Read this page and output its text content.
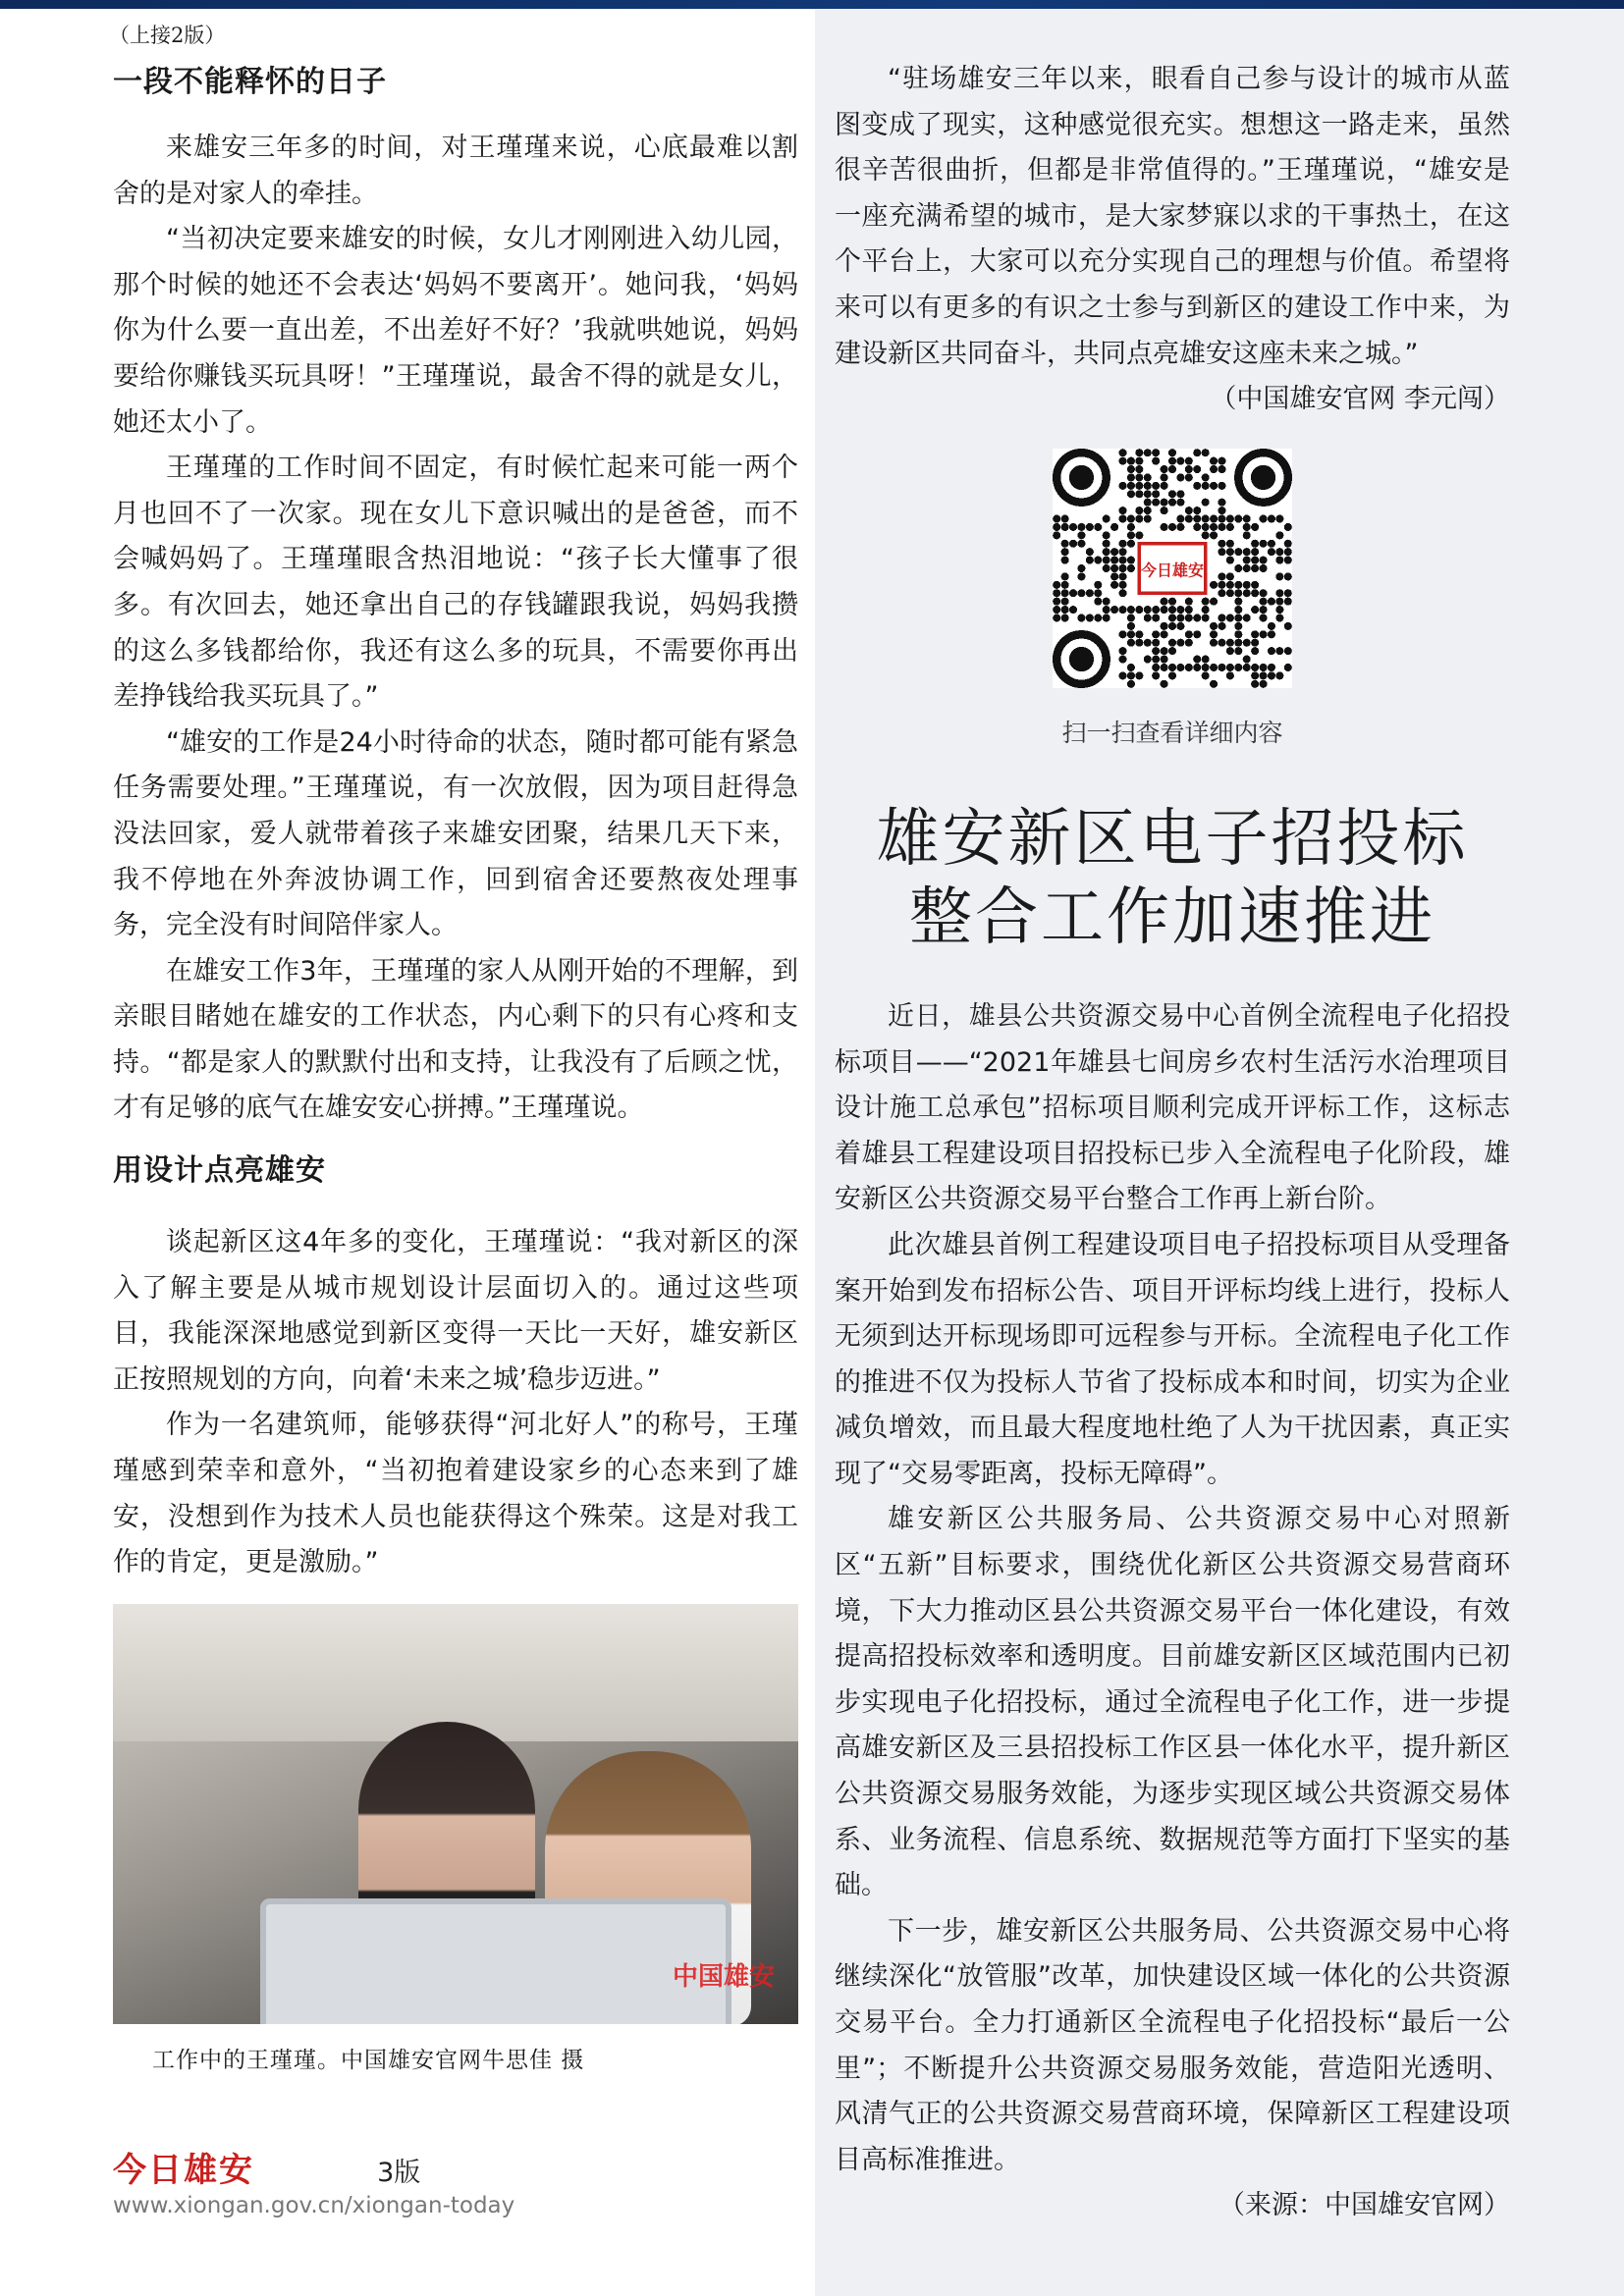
（上接2版）
一段不能释怀的日子

来雄安三年多的时间，对王瑾瑾来说，心底最难以割舍的是对家人的牵挂。

“当初决定要来雄安的时候，女儿才刚刚进入幼儿园，那个时候的她还不会表达‘妈妈不要离开’。她问我，‘妈妈你为什么要一直出差，不出差好不好？’我就哄她说，妈妈要给你赚钱买玩具呀！”王瑾瑾说，最舍不得的就是女儿，她还太小了。

王瑾瑾的工作时间不固定，有时候忙起来可能一两个月也回不了一次家。现在女儿下意识喊出的是爸爸，而不会喊妈妈了。王瑾瑾眼含热泪地说：“孩子长大懂事了很多。有次回去，她还拿出自己的存钱罐跟我说，妈妈我攒的这么多钱都给你，我还有这么多的玩具，不需要你再出差挣钱给我买玩具了。”

“雄安的工作是24小时待命的状态，随时都可能有紧急任务需要处理。”王瑾瑾说，有一次放假，因为项目赶得急没法回家，爱人就带着孩子来雄安团聚，结果几天下来，我不停地在外奔波协调工作，回到宿舍还要熬夜处理事务，完全没有时间陪伴家人。

在雄安工作3年，王瑾瑾的家人从刚开始的不理解，到亲眼目睹她在雄安的工作状态，内心剩下的只有心疼和支持。“都是家人的默默付出和支持，让我没有了后顾之忧，才有足够的底气在雄安安心拼搏。”王瑾瑾说。

用设计点亮雄安

谈起新区这4年多的变化，王瑾瑾说：“我对新区的深入了解主要是从城市规划设计层面切入的。通过这些项目，我能深深地感觉到新区变得一天比一天好，雄安新区正按照规划的方向，向着‘未来之城’稳步迈进。”

作为一名建筑师，能够获得“河北好人”的称号，王瑾瑾感到荣幸和意外，“当初抱着建设家乡的心态来到了雄安，没想到作为技术人员也能获得这个殊荣。这是对我工作的肯定，更是激励。”

中国雄安
工作中的王瑾瑾。中国雄安官网牛思佳 摄
今日雄安	3版
www.xiongan.gov.cn/xiongan-today

“驻场雄安三年以来，眼看自己参与设计的城市从蓝图变成了现实，这种感觉很充实。想想这一路走来，虽然很辛苦很曲折，但都是非常值得的。”王瑾瑾说，“雄安是一座充满希望的城市，是大家梦寐以求的干事热土，在这个平台上，大家可以充分实现自己的理想与价值。希望将来可以有更多的有识之士参与到新区的建设工作中来，为建设新区共同奋斗，共同点亮雄安这座未来之城。”

（中国雄安官网 李元闯）
今日雄安
扫一扫查看详细内容
雄安新区电子招投标
整合工作加速推进

近日，雄县公共资源交易中心首例全流程电子化招投标项目——“2021年雄县七间房乡农村生活污水治理项目设计施工总承包”招标项目顺利完成开评标工作，这标志着雄县工程建设项目招投标已步入全流程电子化阶段，雄安新区公共资源交易平台整合工作再上新台阶。

此次雄县首例工程建设项目电子招投标项目从受理备案开始到发布招标公告、项目开评标均线上进行，投标人无须到达开标现场即可远程参与开标。全流程电子化工作的推进不仅为投标人节省了投标成本和时间，切实为企业减负增效，而且最大程度地杜绝了人为干扰因素，真正实现了“交易零距离，投标无障碍”。

雄安新区公共服务局、公共资源交易中心对照新区“五新”目标要求，围绕优化新区公共资源交易营商环境，下大力推动区县公共资源交易平台一体化建设，有效提高招投标效率和透明度。目前雄安新区区域范围内已初步实现电子化招投标，通过全流程电子化工作，进一步提高雄安新区及三县招投标工作区县一体化水平，提升新区公共资源交易服务效能，为逐步实现区域公共资源交易体系、业务流程、信息系统、数据规范等方面打下坚实的基础。

下一步，雄安新区公共服务局、公共资源交易中心将继续深化“放管服”改革，加快建设区域一体化的公共资源交易平台。全力打通新区全流程电子化招投标“最后一公里”；不断提升公共资源交易服务效能，营造阳光透明、风清气正的公共资源交易营商环境，保障新区工程建设项目高标准推进。

（来源：中国雄安官网）
